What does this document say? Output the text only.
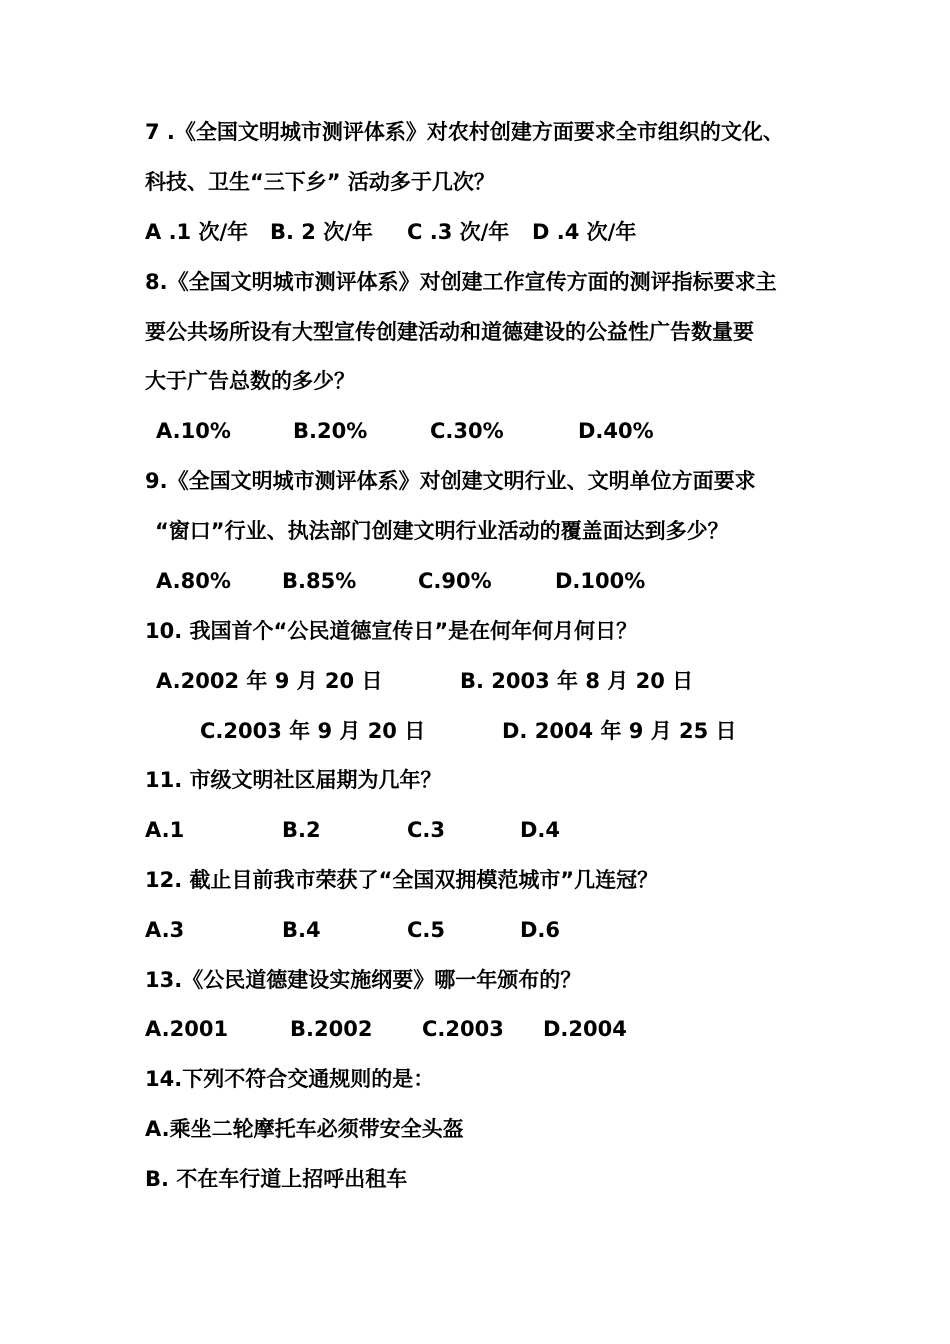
7 .《全国文明城市测评体系》对农村创建方面要求全市组织的文化、
科技、卫生“三下乡” 活动多于几次？
A .1 次/年 B. 2 次/年 C .3 次/年 D .4 次/年
8.《全国文明城市测评体系》对创建工作宣传方面的测评指标要求主
要公共场所设有大型宣传创建活动和道德建设的公益性广告数量要
大于广告总数的多少？
A.10%	B.20%	C.30%	D.40%
9.《全国文明城市测评体系》对创建文明行业、文明单位方面要求
“窗口”行业、执法部门创建文明行业活动的覆盖面达到多少？
A.80% B.85%	C.90%	D.100%
10. 我国首个“公民道德宣传日”是在何年何月何日？
A.2002 年 9 月 20 日	B. 2003 年 8 月 20 日
C.2003 年 9 月 20 日	D. 2004 年 9 月 25 日
11. 市级文明社区届期为几年？
A.1	B.2	C.3	D.4
12. 截止目前我市荣获了“全国双拥模范城市”几连冠？
A.3	B.4	C.5	D.6
13.《公民道德建设实施纲要》哪一年颁布的？
A.2001	B.2002 C.2003 D.2004
14.下列不符合交通规则的是：
A.乘坐二轮摩托车必须带安全头盔
B. 不在车行道上招呼出租车
